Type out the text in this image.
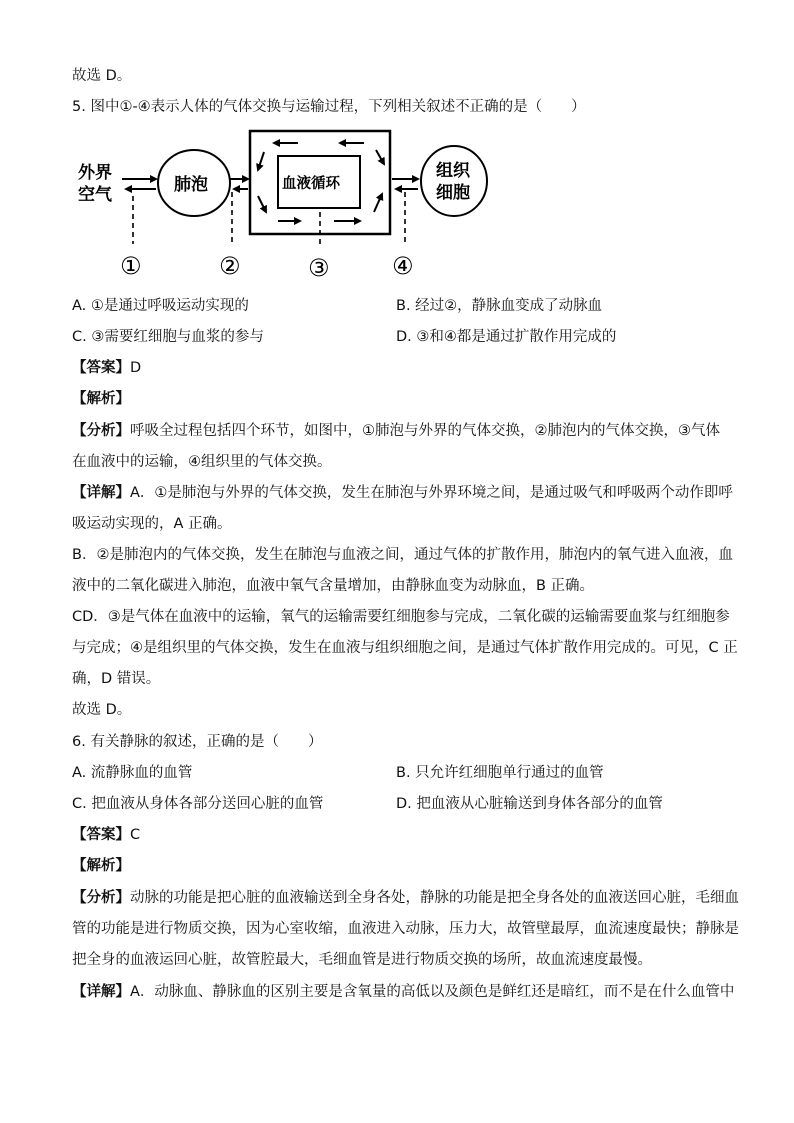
故选 D。
5. 图中①-④表示人体的气体交换与运输过程，下列相关叙述不正确的是（　　）
外界
空气	肺泡	血液循环
组织
细胞
①	②	③	④
A. ①是通过呼吸运动实现的	B. 经过②，静脉血变成了动脉血
C. ③需要红细胞与血浆的参与	D. ③和④都是通过扩散作用完成的
【答案】D
【解析】
【分析】呼吸全过程包括四个环节，如图中，①肺泡与外界的气体交换，②肺泡内的气体交换，③气体
在血液中的运输，④组织里的气体交换。
【详解】A．①是肺泡与外界的气体交换，发生在肺泡与外界环境之间，是通过吸气和呼吸两个动作即呼
吸运动实现的，A 正确。
B．②是肺泡内的气体交换，发生在肺泡与血液之间，通过气体的扩散作用，肺泡内的氧气进入血液，血
液中的二氧化碳进入肺泡，血液中氧气含量增加，由静脉血变为动脉血，B 正确。
CD．③是气体在血液中的运输，氧气的运输需要红细胞参与完成，二氧化碳的运输需要血浆与红细胞参
与完成；④是组织里的气体交换，发生在血液与组织细胞之间，是通过气体扩散作用完成的。可见，C 正
确，D 错误。
故选 D。
6. 有关静脉的叙述，正确的是（　　）
A. 流静脉血的血管	B. 只允许红细胞单行通过的血管
C. 把血液从身体各部分送回心脏的血管	D. 把血液从心脏输送到身体各部分的血管
【答案】C
【解析】
【分析】动脉的功能是把心脏的血液输送到全身各处，静脉的功能是把全身各处的血液送回心脏，毛细血
管的功能是进行物质交换，因为心室收缩，血液进入动脉，压力大，故管壁最厚，血流速度最快；静脉是
把全身的血液运回心脏，故管腔最大，毛细血管是进行物质交换的场所，故血流速度最慢。
【详解】A．动脉血、静脉血的区别主要是含氧量的高低以及颜色是鲜红还是暗红，而不是在什么血管中
